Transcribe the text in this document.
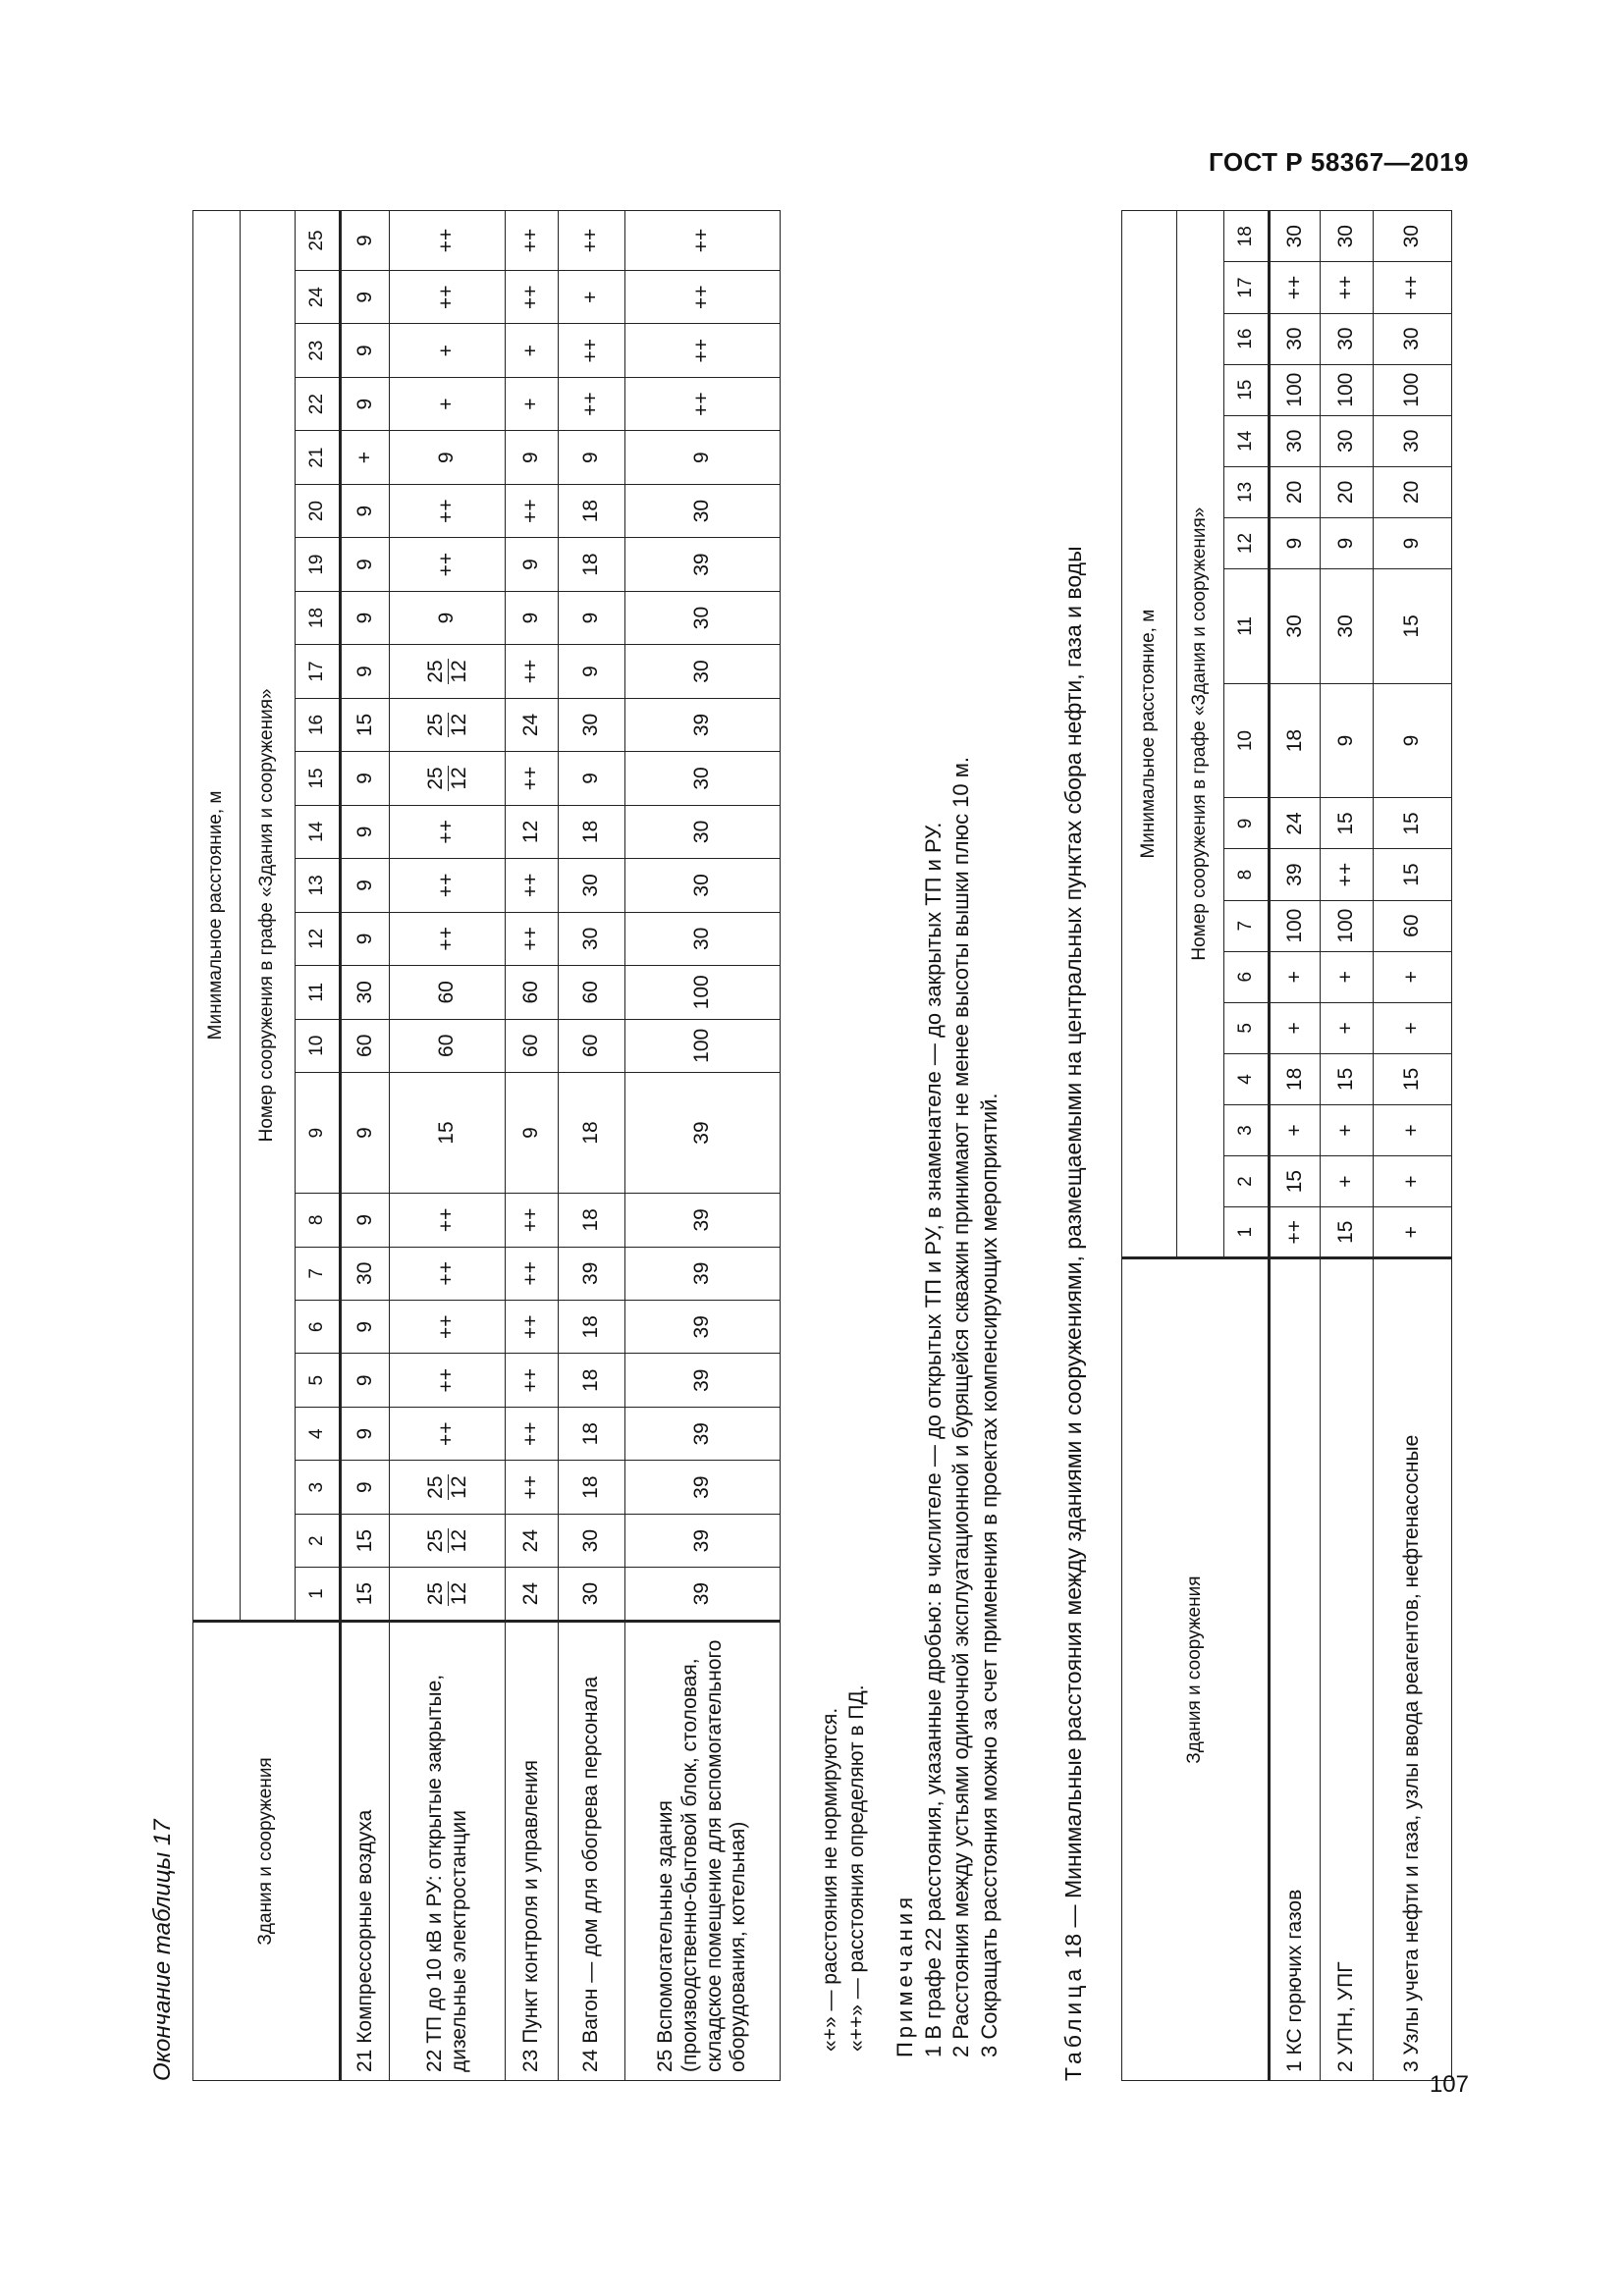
ГОСТ Р 58367—2019
Окончание таблицы 17	Здания и сооружения	Минимальное расстояние, м																								
	Номер сооружения в графе «Здания и сооружения»																								
	1	2	3	4	5	6	7	8	9	10	11	12	13	14	15	16	17	18	19	20	21	22	23	24	25
21 Компрессорные воздуха	15	15	9	9	9	9	30	9	9	60	30	9	9	9	9	15	9	9	9	9	+	9	9	9	9
22 ТП до 10 кВ и РУ: открытые закрытые, дизельные электростанции	25 12	25 12	25 12	++	++	++	++	++	15	60	60	++	++	++	25 12	25 12	25 12	9	++	++	9	+	+	++	++
23 Пункт контроля и управления	24	24	++	++	++	++	++	++	9	60	60	++	++	12	++	24	++	9	9	++	9	+	+	++	++
24 Вагон — дом для обогрева персонала	30	30	18	18	18	18	39	18	18	60	60	30	30	18	9	30	9	9	18	18	9	++	++	+	++
25 Вспомогательные здания (производственно-бытовой блок, столовая, складское помещение для вспомогательного оборудования, котельная)	39	39	39	39	39	39	39	39	39	100	100	30	30	30	30	39	30	30	39	30	9	++	++	++	++
«+» — расстояния не нормируются. «++» — расстояния определяют в ПД. Примечания 1 В графе 22 расстояния, указанные дробью: в числителе — до открытых ТП и РУ, в знаменателе — до закрытых ТП и РУ. 2 Расстояния между устьями одиночной эксплуатационной и бурящейся скважин принимают не менее высоты вышки плюс 10 м. 3 Сокращать расстояния можно за счет применения в проектах компенсирующих мероприятий.	Таблица 18 — Минимальные расстояния между зданиями и сооружениями, размещаемыми на центральных пунктах сбора нефти, газа и воды	Здания и сооружения	Минимальное расстояние, м																	
	Номер сооружения в графе «Здания и сооружения»																	
	1	2	3	4	5	6	7	8	9	10	11	12	13	14	15	16	17	18
1 КС горючих газов	++	15	+	18	+	+	100	39	24	18	30	9	20	30	100	30	++	30
2 УПН, УПГ	15	+	+	15	+	+	100	++	15	9	30	9	20	30	100	30	++	30
3 Узлы учета нефти и газа, узлы ввода реагентов, нефтенасосные	+	+	+	15	+	+	60	15	15	9	15	9	20	30	100	30	++	30
107
